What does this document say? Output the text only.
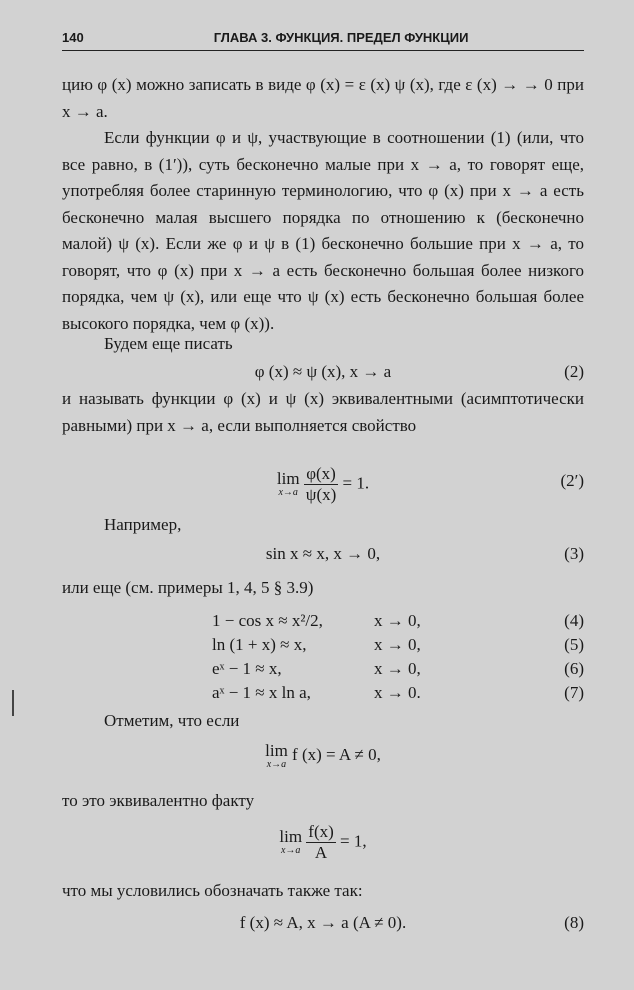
140	ГЛАВА 3. ФУНКЦИЯ. ПРЕДЕЛ ФУНКЦИИ
цию φ (x) можно записать в виде φ (x) = ε (x) ψ (x), где ε (x) → → 0 при x → a.
Если функции φ и ψ, участвующие в соотношении (1) (или, что все равно, в (1′)), суть бесконечно малые при x → a, то говорят еще, употребляя более старинную терминологию, что φ (x) при x → a есть бесконечно малая высшего порядка по отношению к (бесконечно малой) ψ (x). Если же φ и ψ в (1) бесконечно большие при x → a, то говорят, что φ (x) при x → a есть бесконечно большая более низкого порядка, чем ψ (x), или еще что ψ (x) есть бесконечно большая более высокого порядка, чем φ (x)).
Будем еще писать
φ (x) ≈ ψ (x), x → a	(2)
и называть функции φ (x) и ψ (x) эквивалентными (асимптотически равными) при x → a, если выполняется свойство
lim
x→a
$\frac{\varphi(x)}{\psi(x)} = 1$.	(2′)
Например,
sin x ≈ x, x → 0,	(3)
или еще (см. примеры 1, 4, 5 § 3.9)
1 − cos x ≈ x²/2,	x → 0,	(4)
ln (1 + x) ≈ x,	x → 0,	(5)
eˣ − 1 ≈ x,	x → 0,	(6)
aˣ − 1 ≈ x ln a,	x → 0.	(7)
Отметим, что если
lim
x→a
f (x) = A ≠ 0,
то это эквивалентно факту
lim
x→a
$\frac{f(x)}{A} = 1$,
что мы условились обозначать также так:
f (x) ≈ A, x → a (A ≠ 0).	(8)
